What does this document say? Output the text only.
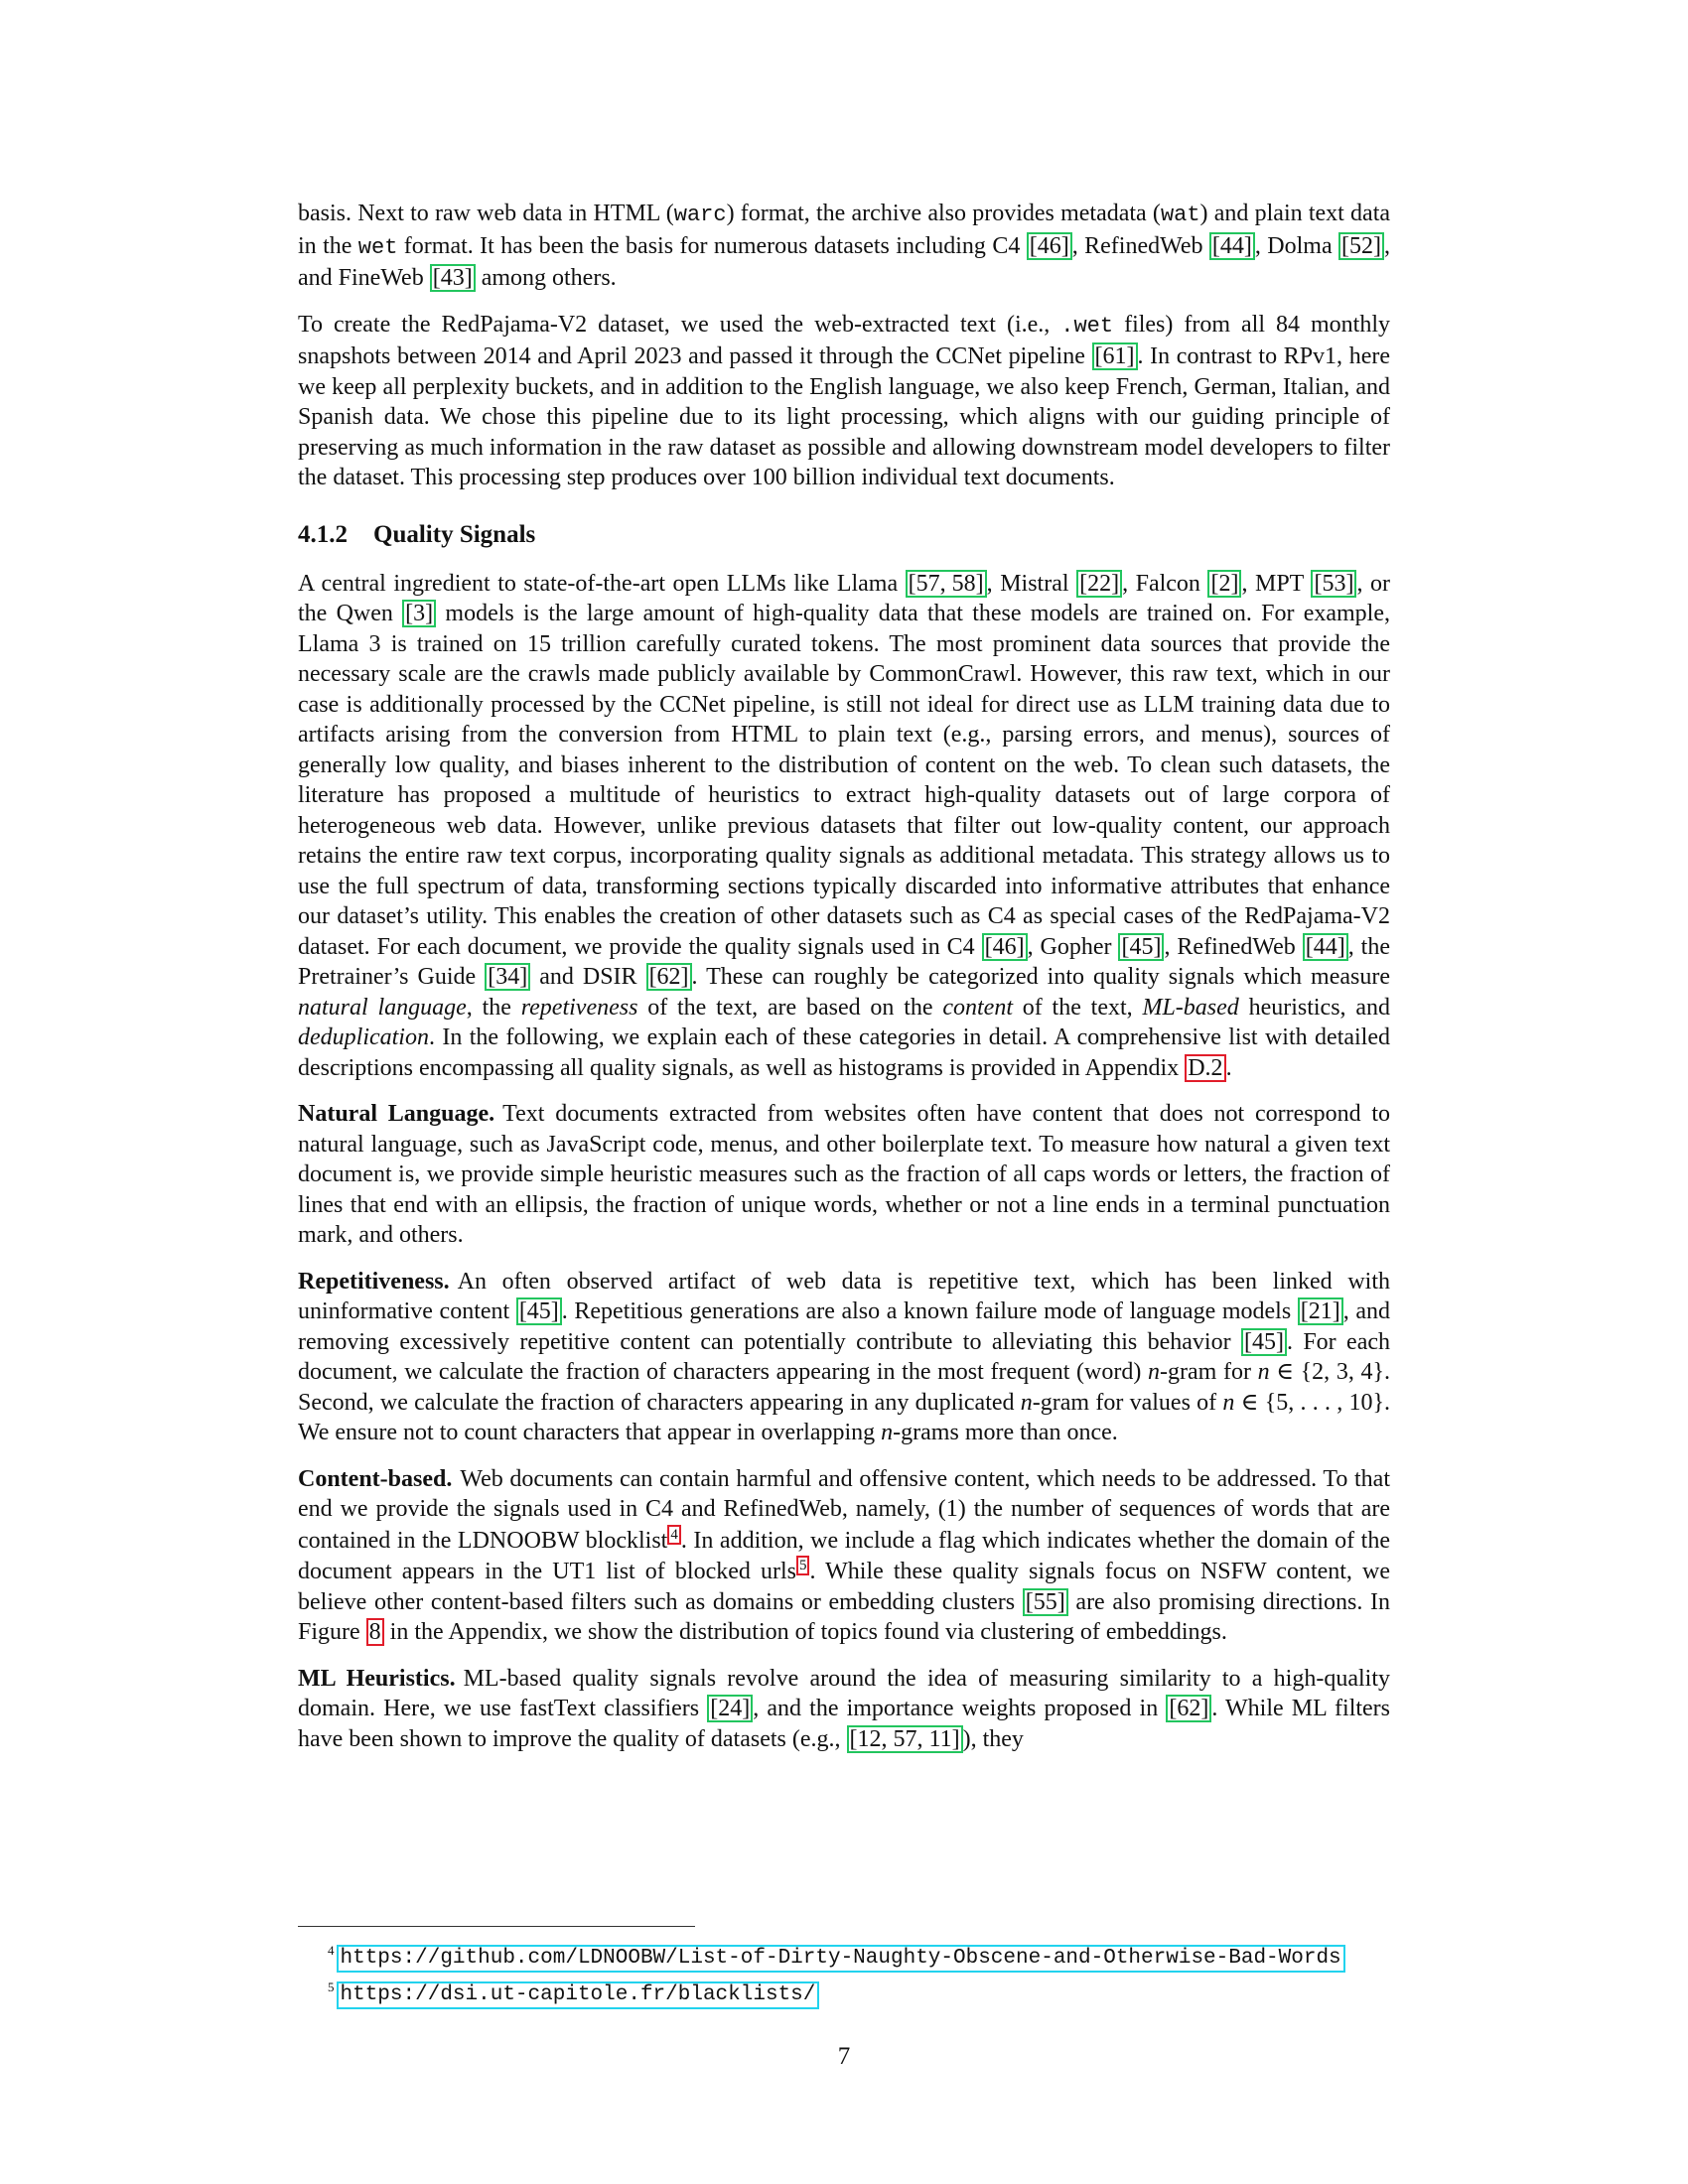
basis. Next to raw web data in HTML (warc) format, the archive also provides metadata (wat) and plain text data in the wet format. It has been the basis for numerous datasets including C4 [46] , RefinedWeb [44] , Dolma [52] , and FineWeb [43] among others.

To create the RedPajama-V2 dataset, we used the web-extracted text (i.e., .wet files) from all 84 monthly snapshots between 2014 and April 2023 and passed it through the CCNet pipeline [61] . In contrast to RPv1, here we keep all perplexity buckets, and in addition to the English language, we also keep French, German, Italian, and Spanish data. We chose this pipeline due to its light processing, which aligns with our guiding principle of preserving as much information in the raw dataset as possible and allowing downstream model developers to filter the dataset. This processing step produces over 100 billion individual text documents.

4.1.2 Quality Signals

A central ingredient to state-of-the-art open LLMs like Llama [57, 58] , Mistral [22] , Falcon [2] , MPT [53] , or the Qwen [3] models is the large amount of high-quality data that these models are trained on. For example, Llama 3 is trained on 15 trillion carefully curated tokens. The most prominent data sources that provide the necessary scale are the crawls made publicly available by CommonCrawl. However, this raw text, which in our case is additionally processed by the CCNet pipeline, is still not ideal for direct use as LLM training data due to artifacts arising from the conversion from HTML to plain text (e.g., parsing errors, and menus), sources of generally low quality, and biases inherent to the distribution of content on the web. To clean such datasets, the literature has proposed a multitude of heuristics to extract high-quality datasets out of large corpora of heterogeneous web data. However, unlike previous datasets that filter out low-quality content, our approach retains the entire raw text corpus, incorporating quality signals as additional metadata. This strategy allows us to use the full spectrum of data, transforming sections typically discarded into informative attributes that enhance our dataset’s utility. This enables the creation of other datasets such as C4 as special cases of the RedPajama-V2 dataset. For each document, we provide the quality signals used in C4 [46] , Gopher [45] , RefinedWeb [44] , the Pretrainer’s Guide [34] and DSIR [62] . These can roughly be categorized into quality signals which measure natural language, the repetiveness of the text, are based on the content of the text, ML-based heuristics, and deduplication. In the following, we explain each of these categories in detail. A comprehensive list with detailed descriptions encompassing all quality signals, as well as histograms is provided in Appendix D.2 .

Natural Language. Text documents extracted from websites often have content that does not correspond to natural language, such as JavaScript code, menus, and other boilerplate text. To measure how natural a given text document is, we provide simple heuristic measures such as the fraction of all caps words or letters, the fraction of lines that end with an ellipsis, the fraction of unique words, whether or not a line ends in a terminal punctuation mark, and others.

Repetitiveness. An often observed artifact of web data is repetitive text, which has been linked with uninformative content [45] . Repetitious generations are also a known failure mode of language models [21] , and removing excessively repetitive content can potentially contribute to alleviating this behavior [45] . For each document, we calculate the fraction of characters appearing in the most frequent (word) n-gram for n ∈ {2, 3, 4}. Second, we calculate the fraction of characters appearing in any duplicated n-gram for values of n ∈ {5, . . . , 10}. We ensure not to count characters that appear in overlapping n-grams more than once.

Content-based. Web documents can contain harmful and offensive content, which needs to be addressed. To that end we provide the signals used in C4 and RefinedWeb, namely, (1) the number of sequences of words that are contained in the LDNOOBW blocklist 4 . In addition, we include a flag which indicates whether the domain of the document appears in the UT1 list of blocked urls 5 . While these quality signals focus on NSFW content, we believe other content-based filters such as domains or embedding clusters [55] are also promising directions. In Figure 8 in the Appendix, we show the distribution of topics found via clustering of embeddings.

ML Heuristics. ML-based quality signals revolve around the idea of measuring similarity to a high-quality domain. Here, we use fastText classifiers [24] , and the importance weights proposed in [62] . While ML filters have been shown to improve the quality of datasets (e.g., [12, 57, 11] ), they

$^4$ https://github.com/LDNOOBW/List-of-Dirty-Naughty-Obscene-and-Otherwise-Bad-Words
$^5$ https://dsi.ut-capitole.fr/blacklists/
7
